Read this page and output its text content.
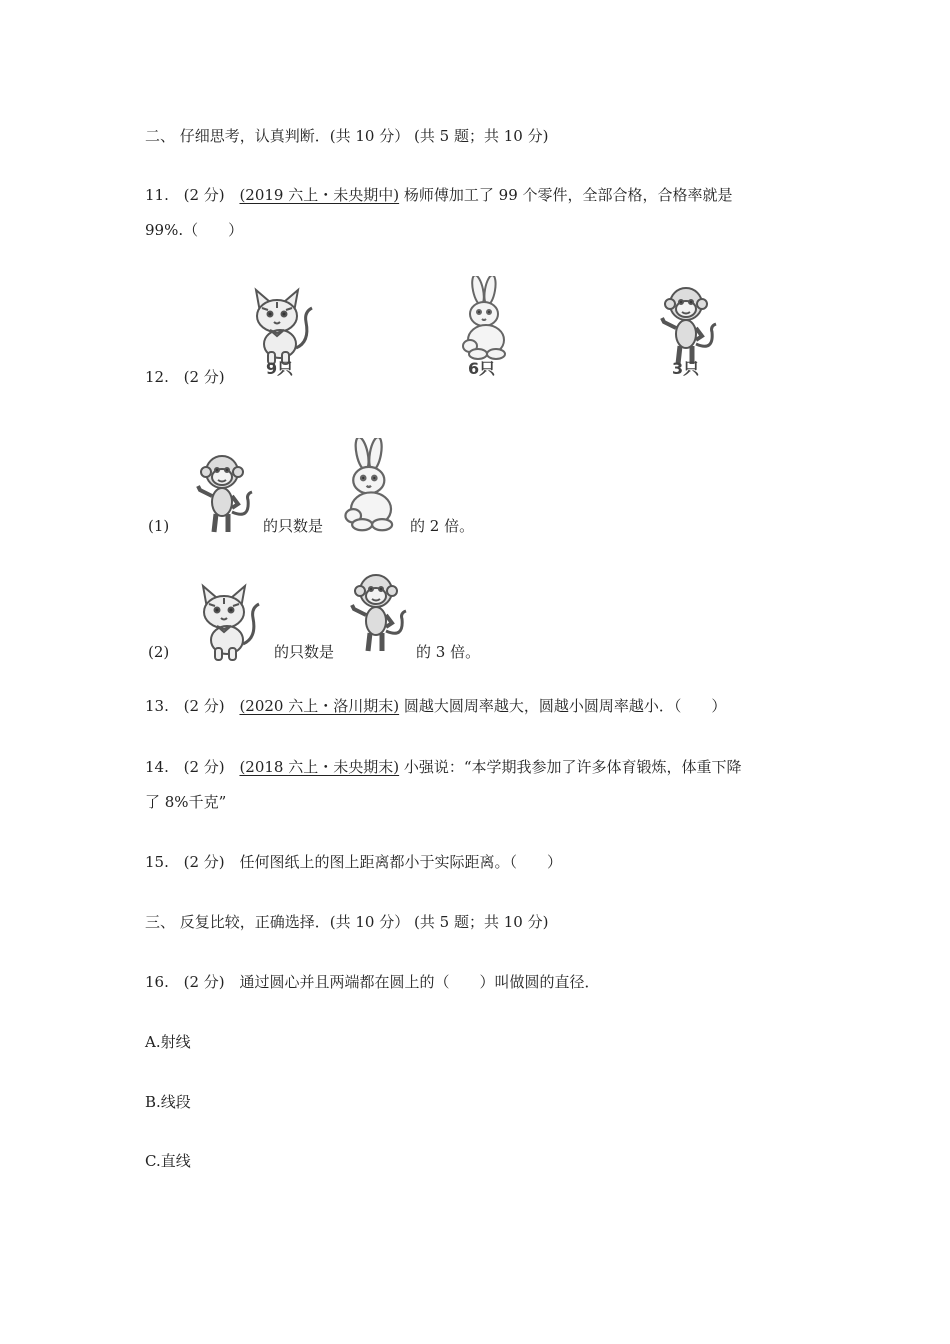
二、 仔细思考，认真判断．(共 10 分） (共 5 题；共 10 分)
11. (2 分) (2019 六上・未央期中) 杨师傅加工了 99 个零件，全部合格，合格率就是
99%.（　　）
9只	6只	3只
12. (2 分)
(1)	的只数是	的 2 倍。
(2)	的只数是	的 3 倍。
13. (2 分) (2020 六上・洛川期末) 圆越大圆周率越大，圆越小圆周率越小．（　　）
14. (2 分) (2018 六上・未央期末) 小强说：“本学期我参加了许多体育锻炼，体重下降
了 8%千克”
15. (2 分) 任何图纸上的图上距离都小于实际距离。（　　）
三、 反复比较，正确选择．(共 10 分） (共 5 题；共 10 分)
16. (2 分) 通过圆心并且两端都在圆上的（　　）叫做圆的直径．
A.射线
B.线段
C.直线
